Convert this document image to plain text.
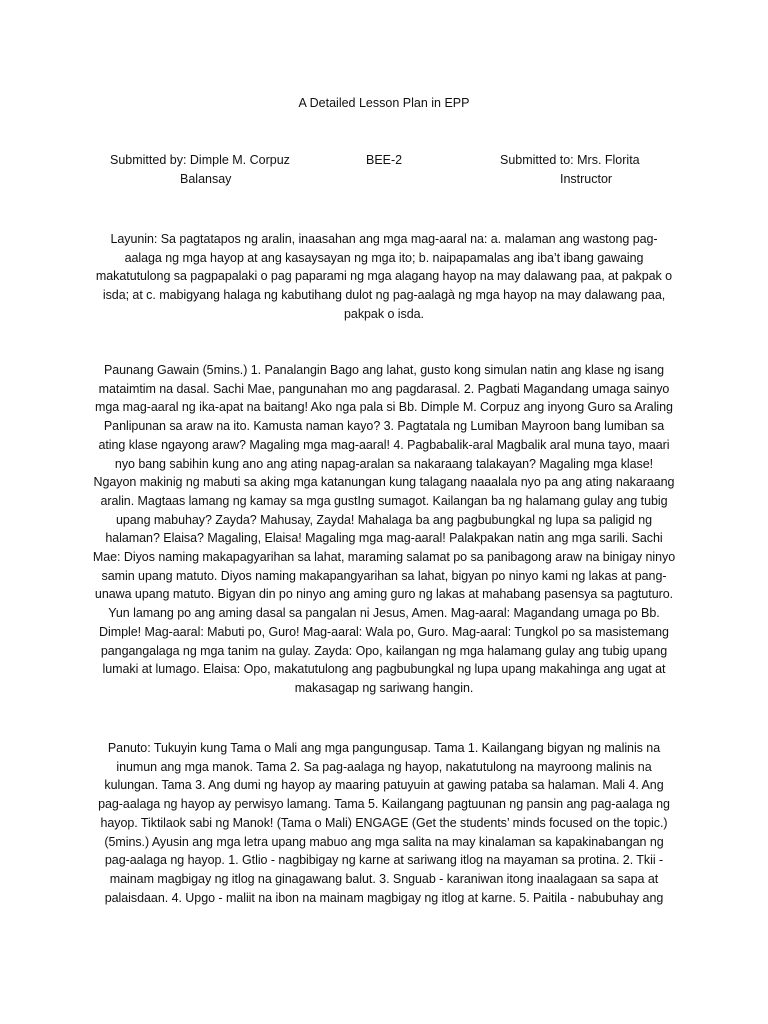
A Detailed Lesson Plan in EPP

Submitted by: Dimple M. Corpuz
Balansay

BEE-2	Submitted to: Mrs. Florita
Instructor

Layunin: Sa pagtatapos ng aralin, inaasahan ang mga mag-aaral na: a. malaman ang wastong pag-aalaga ng mga hayop at ang kasaysayan ng mga ito; b. naipapamalas ang iba’t ibang gawaing makatutulong sa pagpapalaki o pag paparami ng mga alagang hayop na may dalawang paa, at pakpak o isda; at c. mabigyang halaga ng kabutihang dulot ng pag-aalagà ng mga hayop na may dalawang paa, pakpak o isda.

Paunang Gawain (5mins.) 1. Panalangin Bago ang lahat, gusto kong simulan natin ang klase ng isang mataimtim na dasal. Sachi Mae, pangunahan mo ang pagdarasal. 2. Pagbati Magandang umaga sainyo mga mag-aaral ng ika-apat na baitang! Ako nga pala si Bb. Dimple M. Corpuz ang inyong Guro sa Araling Panlipunan sa araw na ito. Kamusta naman kayo? 3. Pagtatala ng Lumiban Mayroon bang lumiban sa ating klase ngayong araw? Magaling mga mag-aaral! 4. Pagbabalik-aral Magbalik aral muna tayo, maari nyo bang sabihin kung ano ang ating napag-aralan sa nakaraang talakayan? Magaling mga klase! Ngayon makinig ng mabuti sa aking mga katanungan kung talagang naaalala nyo pa ang ating nakaraang aralin. Magtaas lamang ng kamay sa mga gustIng sumagot. Kailangan ba ng halamang gulay ang tubig upang mabuhay? Zayda? Mahusay, Zayda! Mahalaga ba ang pagbubungkal ng lupa sa paligid ng halaman? Elaisa? Magaling, Elaisa! Magaling mga mag-aaral! Palakpakan natin ang mga sarili. Sachi Mae: Diyos naming makapagyarihan sa lahat, maraming salamat po sa panibagong araw na binigay ninyo samin upang matuto. Diyos naming makapangyarihan sa lahat, bigyan po ninyo kami ng lakas at pang-unawa upang matuto. Bigyan din po ninyo ang aming guro ng lakas at mahabang pasensya sa pagtuturo. Yun lamang po ang aming dasal sa pangalan ni Jesus, Amen. Mag-aaral: Magandang umaga po Bb. Dimple! Mag-aaral: Mabuti po, Guro! Mag-aaral: Wala po, Guro. Mag-aaral: Tungkol po sa masistemang pangangalaga ng mga tanim na gulay. Zayda: Opo, kailangan ng mga halamang gulay ang tubig upang lumaki at lumago. Elaisa: Opo, makatutulong ang pagbubungkal ng lupa upang makahinga ang ugat at makasagap ng sariwang hangin.

Panuto: Tukuyin kung Tama o Mali ang mga pangungusap. Tama 1. Kailangang bigyan ng malinis na inumun ang mga manok. Tama 2. Sa pag-aalaga ng hayop, nakatutulong na mayroong malinis na kulungan. Tama 3. Ang dumi ng hayop ay maaring patuyuin at gawing pataba sa halaman. Mali 4. Ang pag-aalaga ng hayop ay perwisyo lamang. Tama 5. Kailangang pagtuunan ng pansin ang pag-aalaga ng hayop. Tiktilaok sabi ng Manok! (Tama o Mali) ENGAGE (Get the students’ minds focused on the topic.) (5mins.) Ayusin ang mga letra upang mabuo ang mga salita na may kinalaman sa kapakinabangan ng pag-aalaga ng hayop. 1. Gtlio - nagbibigay ng karne at sariwang itlog na mayaman sa protina. 2. Tkii - mainam magbigay ng itlog na ginagawang balut. 3. Snguab - karaniwan itong inaalagaan sa sapa at palaisdaan. 4. Upgo - maliit na ibon na mainam magbigay ng itlog at karne. 5. Paitila - nabubuhay ang
